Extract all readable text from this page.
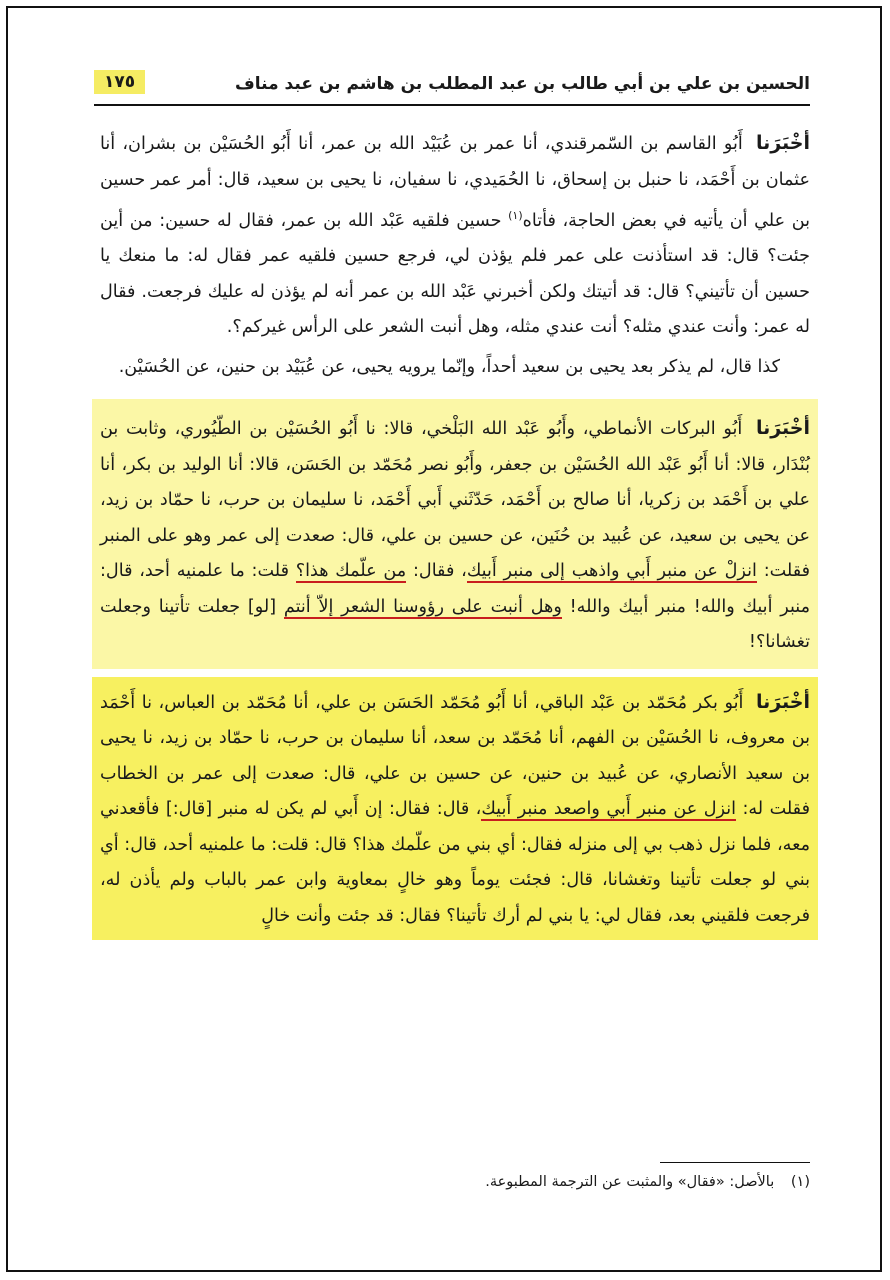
الحسين بن علي بن أبي طالب بن عبد المطلب بن هاشم بن عبد مناف
١٧٥

أخْبَرَنا أَبُو القاسم بن السّمرقندي، أنا عمر بن عُبَيْد الله بن عمر، أنا أَبُو الحُسَيْن بن بشران، أنا عثمان بن أَحْمَد، نا حنبل بن إسحاق، نا الحُمَيدي، نا سفيان، نا يحيى بن سعيد، قال: أمر عمر حسين بن علي أن يأتيه في بعض الحاجة، فأتاه$^{(١)}$ حسين فلقيه عَبْد الله بن عمر، فقال له حسين: من أين جئت؟ قال: قد استأذنت على عمر فلم يؤذن لي، فرجع حسين فلقيه عمر فقال له: ما منعك يا حسين أن تأتيني؟ قال: قد أتيتك ولكن أخبرني عَبْد الله بن عمر أنه لم يؤذن له عليك فرجعت. فقال له عمر: وأنت عندي مثله؟ أنت عندي مثله، وهل أنبت الشعر على الرأس غيركم؟.

كذا قال، لم يذكر بعد يحيى بن سعيد أحداً، وإنّما يرويه يحيى، عن عُبَيْد بن حنين، عن الحُسَيْن.

أخْبَرَنا أَبُو البركات الأنماطي، وأَبُو عَبْد الله البَلْخي، قالا: نا أَبُو الحُسَيْن بن الطّيُوري، وثابت بن بُنْدَار، قالا: أنا أَبُو عَبْد الله الحُسَيْن بن جعفر، وأَبُو نصر مُحَمّد بن الحَسَن، قالا: أنا الوليد بن بكر، أنا علي بن أَحْمَد بن زكريا، أنا صالح بن أَحْمَد، حَدّثَني أَبي أَحْمَد، نا سليمان بن حرب، نا حمّاد بن زيد، عن يحيى بن سعيد، عن عُبيد بن حُنَين، عن حسين بن علي، قال: صعدت إلى عمر وهو على المنبر فقلت: انزلْ عن منبر أَبي واذهب إلى منبر أَبيك، فقال: من علّمك هذا؟ قلت: ما علمنيه أحد، قال: منبر أبيك والله! منبر أبيك والله! وهل أنبت على رؤوسنا الشعر إلاّ أنتم [لو] جعلت تأتينا وجعلت تغشانا؟!
أخْبَرَنا أَبُو بكر مُحَمّد بن عَبْد الباقي، أنا أَبُو مُحَمّد الحَسَن بن علي، أنا مُحَمّد بن العباس، نا أَحْمَد بن معروف، نا الحُسَيْن بن الفهم، أنا مُحَمّد بن سعد، أنا سليمان بن حرب، نا حمّاد بن زيد، نا يحيى بن سعيد الأنصاري، عن عُبيد بن حنين، عن حسين بن علي، قال: صعدت إلى عمر بن الخطاب فقلت له: انزل عن منبر أَبي واصعد منبر أَبيك، قال: فقال: إن أَبي لم يكن له منبر [قال:] فأقعدني معه، فلما نزل ذهب بي إلى منزله فقال: أي بني من علّمك هذا؟ قال: قلت: ما علمنيه أحد، قال: أي بني لو جعلت تأتينا وتغشانا، قال: فجئت يوماً وهو خالٍ بمعاوية وابن عمر بالباب ولم يأذن له، فرجعت فلقيني بعد، فقال لي: يا بني لم أرك تأتينا؟ فقال: قد جئت وأنت خالٍ
(١) بالأصل: «فقال» والمثبت عن الترجمة المطبوعة.
